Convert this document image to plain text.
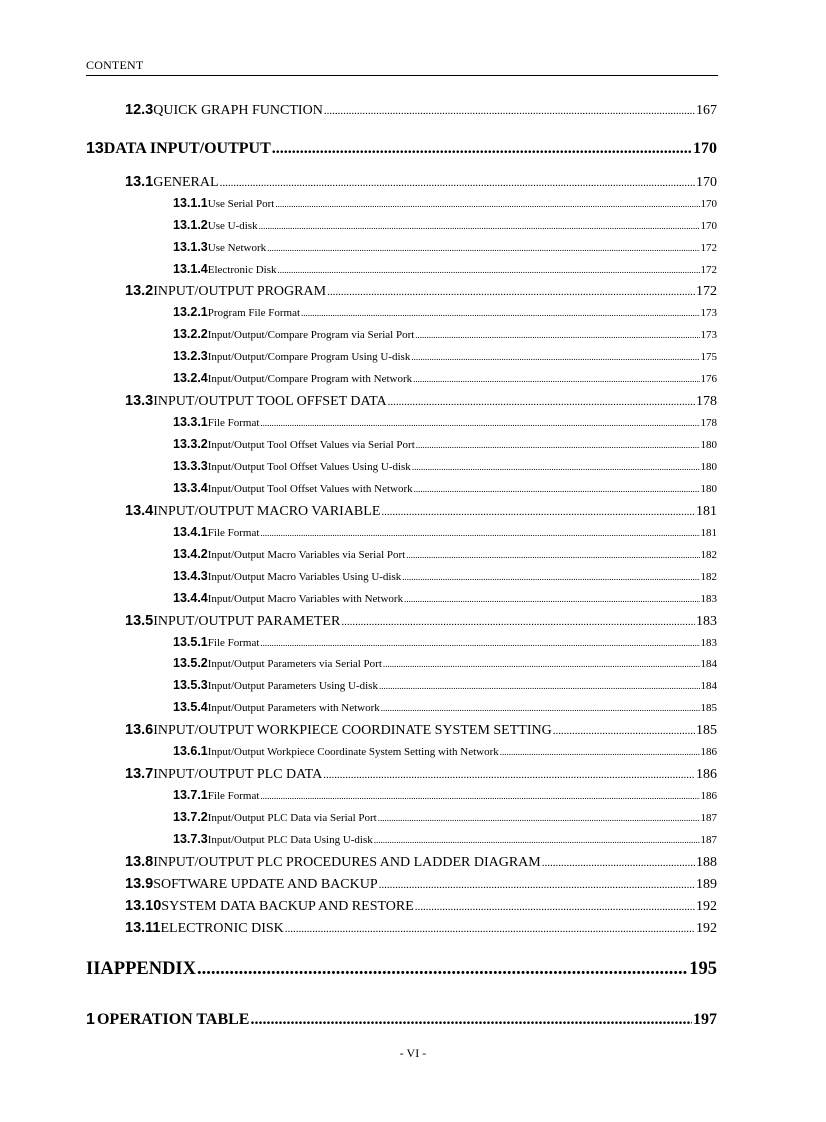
CONTENT
12.3 QUICK GRAPH FUNCTION .....	167
13 DATA INPUT/OUTPUT .....	170
13.1 GENERAL .....	170
13.1.1 Use Serial Port .....	170
13.1.2 Use U-disk .....	170
13.1.3 Use Network .....	172
13.1.4 Electronic Disk .....	172
13.2 INPUT/OUTPUT PROGRAM .....	172
13.2.1 Program File Format .....	173
13.2.2 Input/Output/Compare Program via Serial Port .....	173
13.2.3 Input/Output/Compare Program Using U-disk .....	175
13.2.4 Input/Output/Compare Program with Network .....	176
13.3 INPUT/OUTPUT TOOL OFFSET DATA .....	178
13.3.1 File Format .....	178
13.3.2 Input/Output Tool Offset Values via Serial Port .....	180
13.3.3 Input/Output Tool Offset Values Using U-disk .....	180
13.3.4 Input/Output Tool Offset Values with Network .....	180
13.4 INPUT/OUTPUT MACRO VARIABLE .....	181
13.4.1 File Format .....	181
13.4.2 Input/Output Macro Variables via Serial Port .....	182
13.4.3 Input/Output Macro Variables Using U-disk .....	182
13.4.4 Input/Output Macro Variables with Network .....	183
13.5 INPUT/OUTPUT PARAMETER .....	183
13.5.1 File Format .....	183
13.5.2 Input/Output Parameters via Serial Port .....	184
13.5.3 Input/Output Parameters Using U-disk .....	184
13.5.4 Input/Output Parameters with Network .....	185
13.6 INPUT/OUTPUT WORKPIECE COORDINATE SYSTEM SETTING .....	185
13.6.1 Input/Output Workpiece Coordinate System Setting with Network .....	186
13.7 INPUT/OUTPUT PLC DATA .....	186
13.7.1 File Format .....	186
13.7.2 Input/Output PLC Data via Serial Port .....	187
13.7.3 Input/Output PLC Data Using U-disk .....	187
13.8 INPUT/OUTPUT PLC PROCEDURES AND LADDER DIAGRAM .....	188
13.9 SOFTWARE UPDATE AND BACKUP .....	189
13.10 SYSTEM DATA BACKUP AND RESTORE .....	192
13.11 ELECTRONIC DISK .....	192
II APPENDIX .....	195
1 OPERATION TABLE .....	197
- VI -
